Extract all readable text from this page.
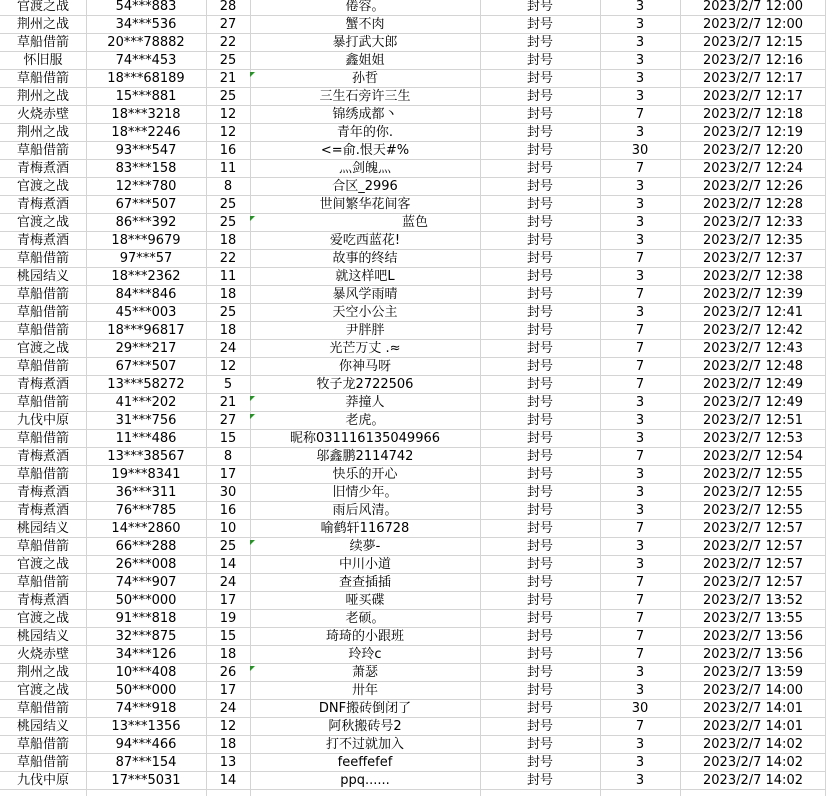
官渡之战	54***883	28	倦容。	封号	3	2023/2/7 12:00
荆州之战	34***536	27	蟹不肉	封号	3	2023/2/7 12:00
草船借箭	20***78882	22	暴打武大郎	封号	3	2023/2/7 12:15
怀旧服	74***453	25	鑫姐姐	封号	3	2023/2/7 12:16
草船借箭	18***68189	21	孙哲	封号	3	2023/2/7 12:17
荆州之战	15***881	25	三生石旁许三生	封号	3	2023/2/7 12:17
火烧赤壁	18***3218	12	锦绣成都丶	封号	7	2023/2/7 12:18
荆州之战	18***2246	12	青年的你.	封号	3	2023/2/7 12:19
草船借箭	93***547	16	<=俞.恨天#%	封号	30	2023/2/7 12:20
青梅煮酒	83***158	11	灬剑魄灬	封号	7	2023/2/7 12:24
官渡之战	12***780	8	合区_2996	封号	3	2023/2/7 12:26
青梅煮酒	67***507	25	世间繁华花间客	封号	3	2023/2/7 12:28
官渡之战	86***392	25	蓝色	封号	3	2023/2/7 12:33
青梅煮酒	18***9679	18	爱吃西蓝花!	封号	3	2023/2/7 12:35
草船借箭	97***57	22	故事的终结	封号	7	2023/2/7 12:37
桃园结义	18***2362	11	就这样吧L	封号	3	2023/2/7 12:38
草船借箭	84***846	18	暴风学雨晴	封号	7	2023/2/7 12:39
草船借箭	45***003	25	天空小公主	封号	3	2023/2/7 12:41
草船借箭	18***96817	18	尹胖胖	封号	7	2023/2/7 12:42
官渡之战	29***217	24	光芒万丈 .≈	封号	7	2023/2/7 12:43
草船借箭	67***507	12	你神马呀	封号	7	2023/2/7 12:48
青梅煮酒	13***58272	5	牧子龙2722506	封号	7	2023/2/7 12:49
草船借箭	41***202	21	莽撞人	封号	3	2023/2/7 12:49
九伐中原	31***756	27	老虎。	封号	3	2023/2/7 12:51
草船借箭	11***486	15	昵称031116135049966	封号	3	2023/2/7 12:53
青梅煮酒	13***38567	8	邬鑫鹏2114742	封号	7	2023/2/7 12:54
草船借箭	19***8341	17	快乐的开心	封号	3	2023/2/7 12:55
青梅煮酒	36***311	30	旧情少年。	封号	3	2023/2/7 12:55
青梅煮酒	76***785	16	雨后风清。	封号	3	2023/2/7 12:55
桃园结义	14***2860	10	喻鹤轩116728	封号	7	2023/2/7 12:57
草船借箭	66***288	25	续夢-	封号	3	2023/2/7 12:57
官渡之战	26***008	14	中川小道	封号	3	2023/2/7 12:57
草船借箭	74***907	24	查查插插	封号	7	2023/2/7 12:57
青梅煮酒	50***000	17	哑买碟	封号	7	2023/2/7 13:52
官渡之战	91***818	19	老硕。	封号	7	2023/2/7 13:55
桃园结义	32***875	15	琦琦的小跟班	封号	7	2023/2/7 13:56
火烧赤壁	34***126	18	玲玲c	封号	7	2023/2/7 13:56
荆州之战	10***408	26	萧瑟	封号	3	2023/2/7 13:59
官渡之战	50***000	17	卅年	封号	3	2023/2/7 14:00
草船借箭	74***918	24	DNF搬砖倒闭了	封号	30	2023/2/7 14:01
桃园结义	13***1356	12	阿秋搬砖号2	封号	7	2023/2/7 14:01
草船借箭	94***466	18	打不过就加入	封号	3	2023/2/7 14:02
草船借箭	87***154	13	feeffefef	封号	3	2023/2/7 14:02
九伐中原	17***5031	14	ppq......	封号	3	2023/2/7 14:02
